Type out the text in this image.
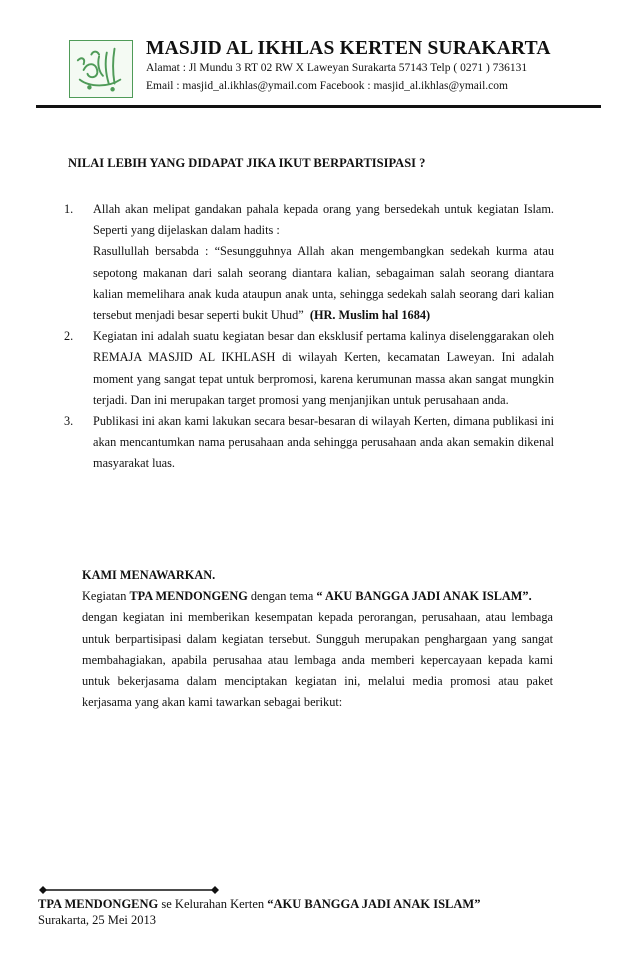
MASJID AL IKHLAS KERTEN SURAKARTA
Alamat : Jl Mundu 3 RT 02 RW X Laweyan Surakarta 57143 Telp ( 0271 ) 736131
Email : masjid_al.ikhlas@ymail.com Facebook : masjid_al.ikhlas@ymail.com
NILAI LEBIH YANG DIDAPAT JIKA IKUT BERPARTISIPASI ?
1. Allah akan melipat gandakan pahala kepada orang yang bersedekah untuk kegiatan Islam. Seperti yang dijelaskan dalam hadits :

Rasullullah bersabda : “Sesungguhnya Allah akan mengembangkan sedekah kurma atau sepotong makanan dari salah seorang diantara kalian, sebagaiman salah seorang diantara kalian memelihara anak kuda ataupun anak unta, sehingga sedekah salah seorang dari kalian tersebut menjadi besar seperti bukit Uhud” (HR. Muslim hal 1684)

2. Kegiatan ini adalah suatu kegiatan besar dan eksklusif pertama kalinya diselenggarakan oleh REMAJA MASJID AL IKHLASH di wilayah Kerten, kecamatan Laweyan. Ini adalah moment yang sangat tepat untuk berpromosi, karena kerumunan massa akan sangat mungkin terjadi. Dan ini merupakan target promosi yang menjanjikan untuk perusahaan anda.

3. Publikasi ini akan kami lakukan secara besar-besaran di wilayah Kerten, dimana publikasi ini akan mencantumkan nama perusahaan anda sehingga perusahaan anda akan semakin dikenal masyarakat luas.

KAMI MENAWARKAN.

Kegiatan TPA MENDONGENG dengan tema “ AKU BANGGA JADI ANAK ISLAM”.

dengan kegiatan ini memberikan kesempatan kepada perorangan, perusahaan, atau lembaga untuk berpartisipasi dalam kegiatan tersebut. Sungguh merupakan penghargaan yang sangat membahagiakan, apabila perusahaa atau lembaga anda memberi kepercayaan kepada kami untuk bekerjasama dalam menciptakan kegiatan ini, melalui media promosi atau paket kerjasama yang akan kami tawarkan sebagai berikut:

TPA MENDONGENG se Kelurahan Kerten “AKU BANGGA JADI ANAK ISLAM”
Surakarta, 25 Mei 2013
